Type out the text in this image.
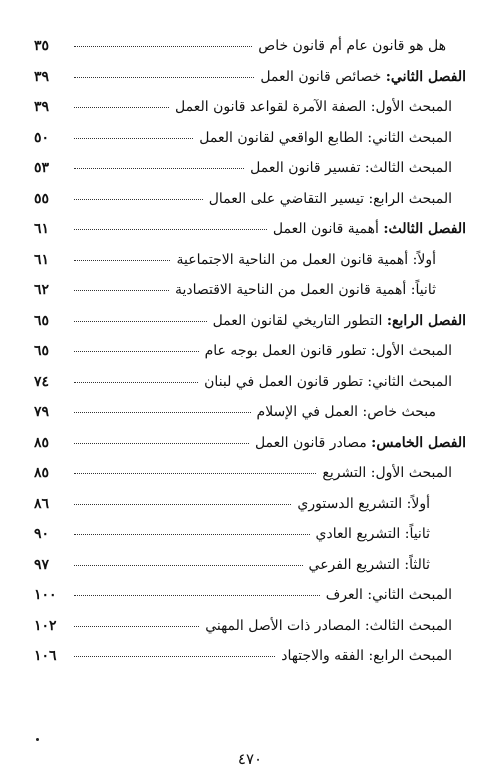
هل هو قانون عام أم قانون خاص
٣٥
الفصل الثاني: خصائص قانون العمل
٣٩
المبحث الأول: الصفة الآمرة لقواعد قانون العمل
٣٩
المبحث الثاني: الطابع الواقعي لقانون العمل
٥٠
المبحث الثالث: تفسير قانون العمل
٥٣
المبحث الرابع: تيسير التقاضي على العمال
٥٥
الفصل الثالث: أهمية قانون العمل
٦١
أولاً: أهمية قانون العمل من الناحية الاجتماعية
٦١
ثانياً: أهمية قانون العمل من الناحية الاقتصادية
٦٢
الفصل الرابع: التطور التاريخي لقانون العمل
٦٥
المبحث الأول: تطور قانون العمل بوجه عام
٦٥
المبحث الثاني: تطور قانون العمل في لبنان
٧٤
مبحث خاص: العمل في الإسلام
٧٩
الفصل الخامس: مصادر قانون العمل
٨٥
المبحث الأول: التشريع
٨٥
أولاً: التشريع الدستوري
٨٦
ثانياً: التشريع العادي
٩٠
ثالثاً: التشريع الفرعي
٩٧
المبحث الثاني: العرف
١٠٠
المبحث الثالث: المصادر ذات الأصل المهني
١٠٢
المبحث الرابع: الفقه والاجتهاد
١٠٦
٤٧٠
